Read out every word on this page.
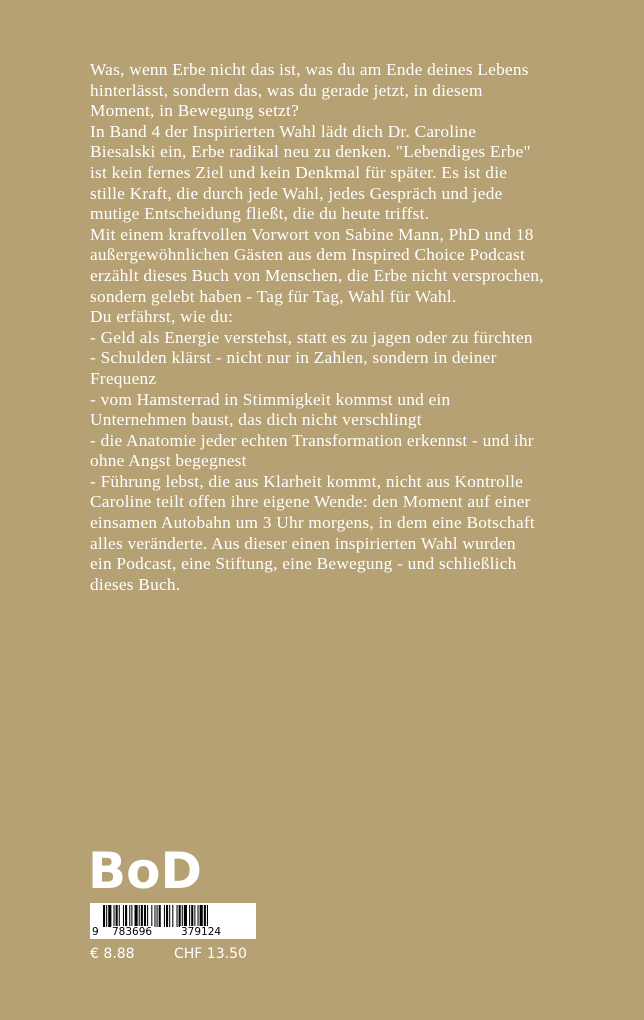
Was, wenn Erbe nicht das ist, was du am Ende deines Lebens
hinterlässt, sondern das, was du gerade jetzt, in diesem
Moment, in Bewegung setzt?
In Band 4 der Inspirierten Wahl lädt dich Dr. Caroline
Biesalski ein, Erbe radikal neu zu denken. "Lebendiges Erbe"
ist kein fernes Ziel und kein Denkmal für später. Es ist die
stille Kraft, die durch jede Wahl, jedes Gespräch und jede
mutige Entscheidung fließt, die du heute triffst.
Mit einem kraftvollen Vorwort von Sabine Mann, PhD und 18
außergewöhnlichen Gästen aus dem Inspired Choice Podcast
erzählt dieses Buch von Menschen, die Erbe nicht versprochen,
sondern gelebt haben - Tag für Tag, Wahl für Wahl.
Du erfährst, wie du:
- Geld als Energie verstehst, statt es zu jagen oder zu fürchten
- Schulden klärst - nicht nur in Zahlen, sondern in deiner
Frequenz
- vom Hamsterrad in Stimmigkeit kommst und ein
Unternehmen baust, das dich nicht verschlingt
- die Anatomie jeder echten Transformation erkennst - und ihr
ohne Angst begegnest
- Führung lebst, die aus Klarheit kommt, nicht aus Kontrolle
Caroline teilt offen ihre eigene Wende: den Moment auf einer
einsamen Autobahn um 3 Uhr morgens, in dem eine Botschaft
alles veränderte. Aus dieser einen inspirierten Wahl wurden
ein Podcast, eine Stiftung, eine Bewegung - und schließlich
dieses Buch.
BoD
9 783696	379124
€ 8.88	CHF 13.50
